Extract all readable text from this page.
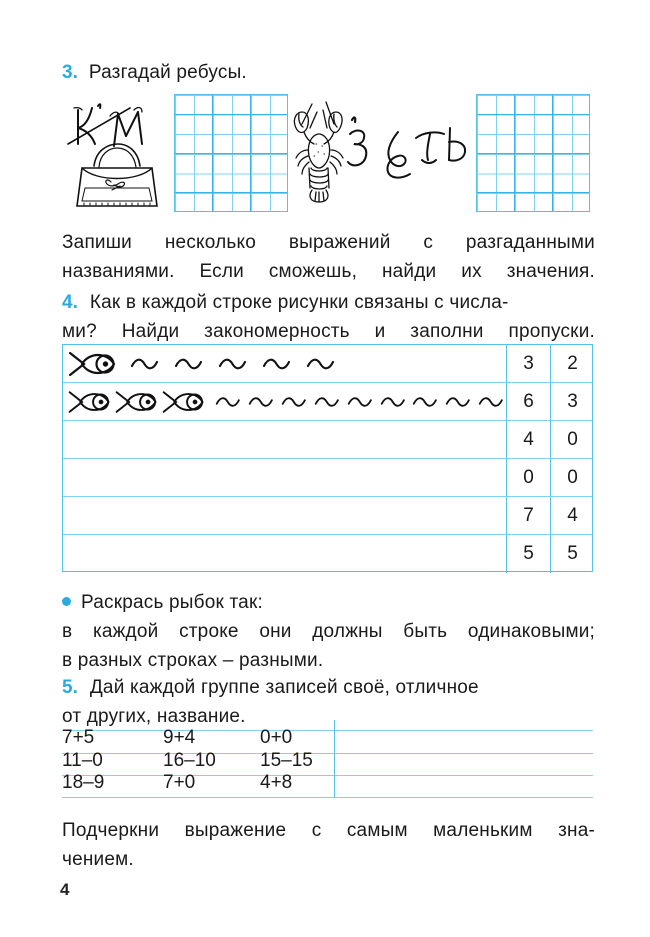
3. Разгадай ребусы.
Запиши несколько выражений с разгаданными
названиями. Если сможешь, найди их значения.
4. Как в каждой строке рисунки связаны с числа-
ми? Найди закономерность и заполни пропуски.
3	2
6	3
4	0
0	0
7	4
5	5
Раскрась рыбок так:
в каждой строке они должны быть одинаковыми;
в разных строках – разными.
5. Дай каждой группе записей своё, отличное
от других, название.
7+5	9+4	0+0
11–0	16–10 15–15
18–9	7+0	4+8
Подчеркни выражение с самым маленьким зна-
чением.
4
